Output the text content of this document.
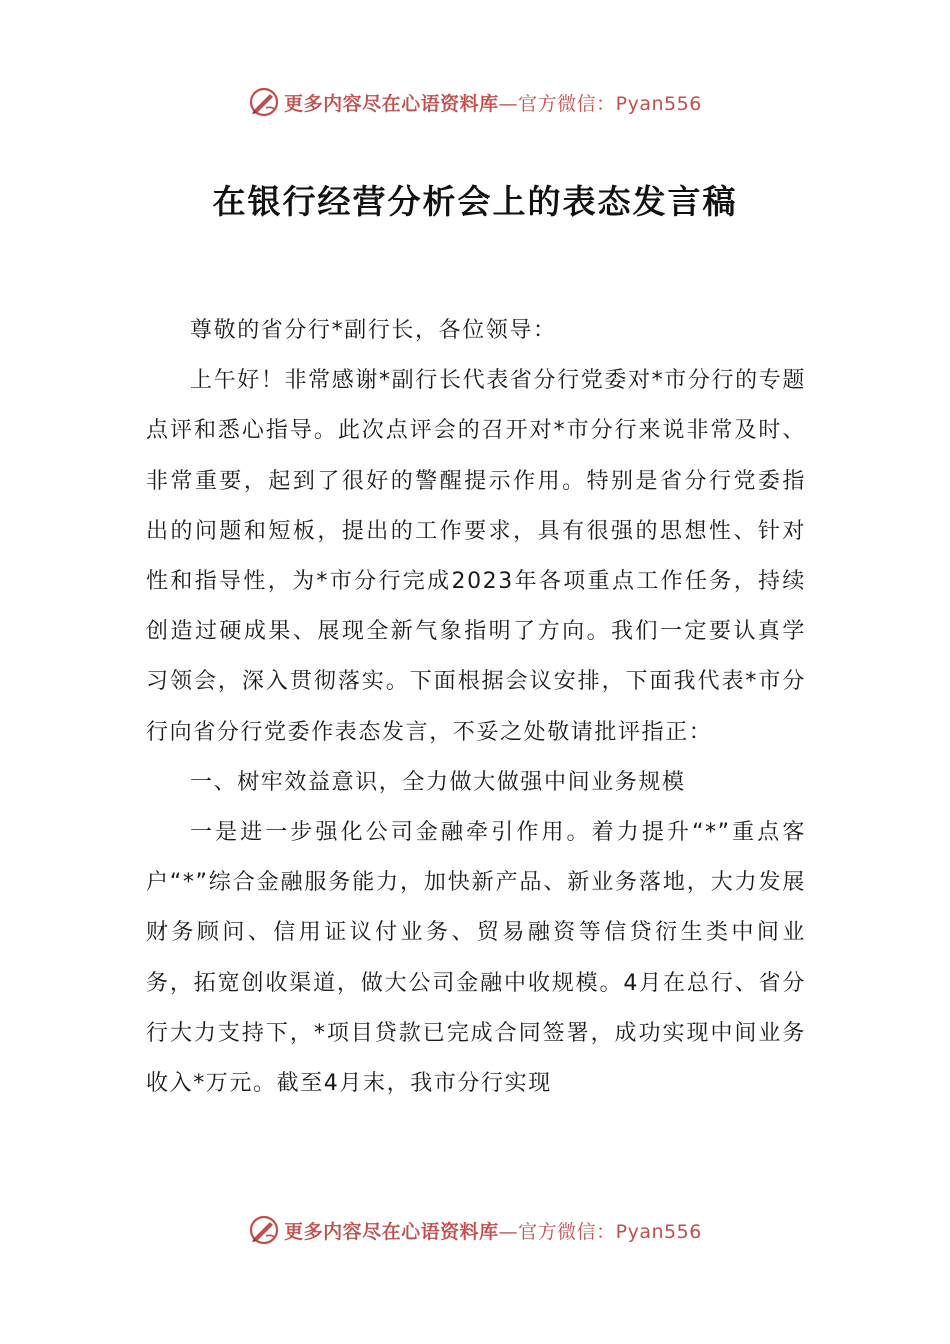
更多内容尽在心语资料库—官方微信：Pyan556
在银行经营分析会上的表态发言稿

尊敬的省分行*副行长，各位领导：

上午好！非常感谢*副行长代表省分行党委对*市分行的专题点评和悉心指导。此次点评会的召开对*市分行来说非常及时、非常重要，起到了很好的警醒提示作用。特别是省分行党委指出的问题和短板，提出的工作要求，具有很强的思想性、针对性和指导性，为*市分行完成2023年各项重点工作任务，持续创造过硬成果、展现全新气象指明了方向。我们一定要认真学习领会，深入贯彻落实。下面根据会议安排，下面我代表*市分行向省分行党委作表态发言，不妥之处敬请批评指正：

一、树牢效益意识，全力做大做强中间业务规模

一是进一步强化公司金融牵引作用。着力提升“*”重点客户“*”综合金融服务能力，加快新产品、新业务落地，大力发展财务顾问、信用证议付业务、贸易融资等信贷衍生类中间业务，拓宽创收渠道，做大公司金融中收规模。4月在总行、省分行大力支持下，*项目贷款已完成合同签署，成功实现中间业务收入*万元。截至4月末，我市分行实现

更多内容尽在心语资料库—官方微信：Pyan556
